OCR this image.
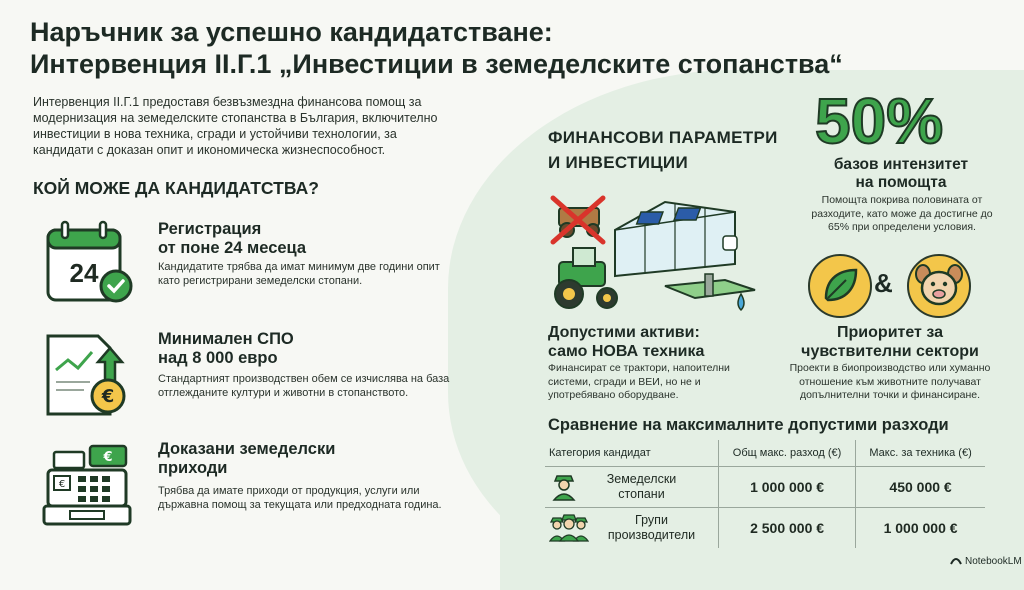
Наръчник за успешно кандидатстване:
Интервенция II.Г.1 „Инвестиции в земеделските стопанства“
Интервенция II.Г.1 предоставя безвъзмездна финансова помощ за модернизация на земеделските стопанства в България, включително инвестиции в нова техника, сгради и устойчиви технологии, за кандидати с доказан опит и икономическа жизнеспособност.
КОЙ МОЖЕ ДА КАНДИДАТСТВА?
24
Регистрация
от поне 24 месеца
Кандидатите трябва да имат минимум две години опит като регистрирани земеделски стопани.
€
Минимален СПО
над 8 000 евро
Стандартният производствен обем се изчислява на база отглежданите култури и животни в стопанството.
€
€
Доказани земеделски
приходи
Трябва да имате приходи от продукция, услуги или държавна помощ за текущата или предходната година.
ФИНАНСОВИ ПАРАМЕТРИ
И ИНВЕСТИЦИИ
50%
базов интензитет
на помощта
Помощта покрива половината от разходите, като може да достигне до 65% при определени условия.
Допустими активи:
само НОВА техника
Финансират се трактори, напоителни системи, сгради и ВЕИ, но не и употребявано оборудване.
&
Приоритет за
чувствителни сектори
Проекти в биопроизводство или хуманно отношение към животните получават допълнителни точки и финансиране.
Сравнение на максималните допустими разходи
Категория кандидат	Общ макс. разход (€)	Макс. за техника (€)

Земеделски
стопани	1 000 000 €	450 000 €

Групи
производители	2 500 000 €	1 000 000 €
NotebookLM
